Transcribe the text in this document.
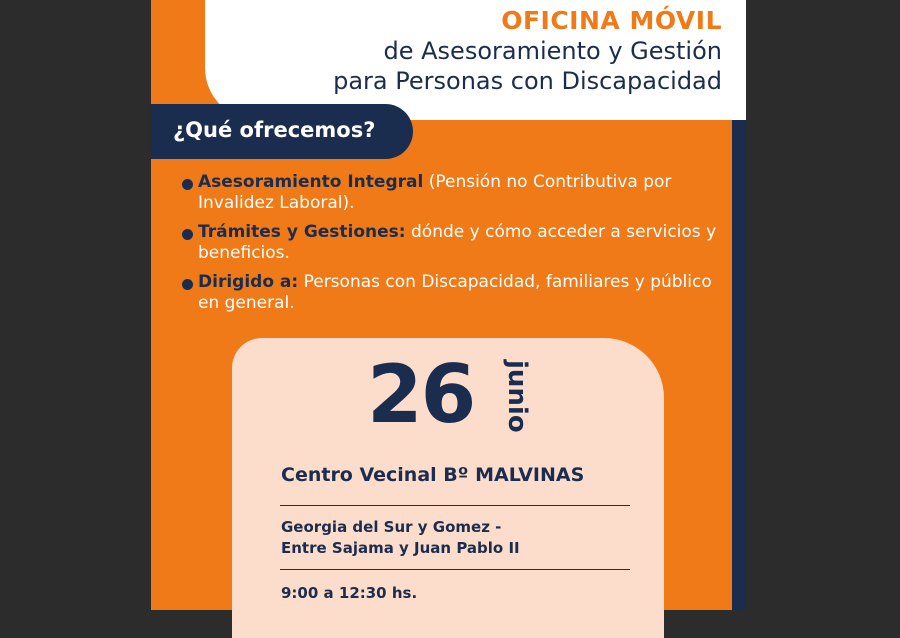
OFICINA MÓVIL
de Asesoramiento y Gestión
para Personas con Discapacidad
¿Qué ofrecemos?
Asesoramiento Integral (Pensión no Contributiva por Invalidez Laboral).
Trámites y Gestiones: dónde y cómo acceder a servicios y beneficios.
Dirigido a: Personas con Discapacidad, familiares y público en general.
26 junio
Centro Vecinal Bº MALVINAS
Georgia del Sur y Gomez -
Entre Sajama y Juan Pablo II
9:00 a 12:30 hs.
